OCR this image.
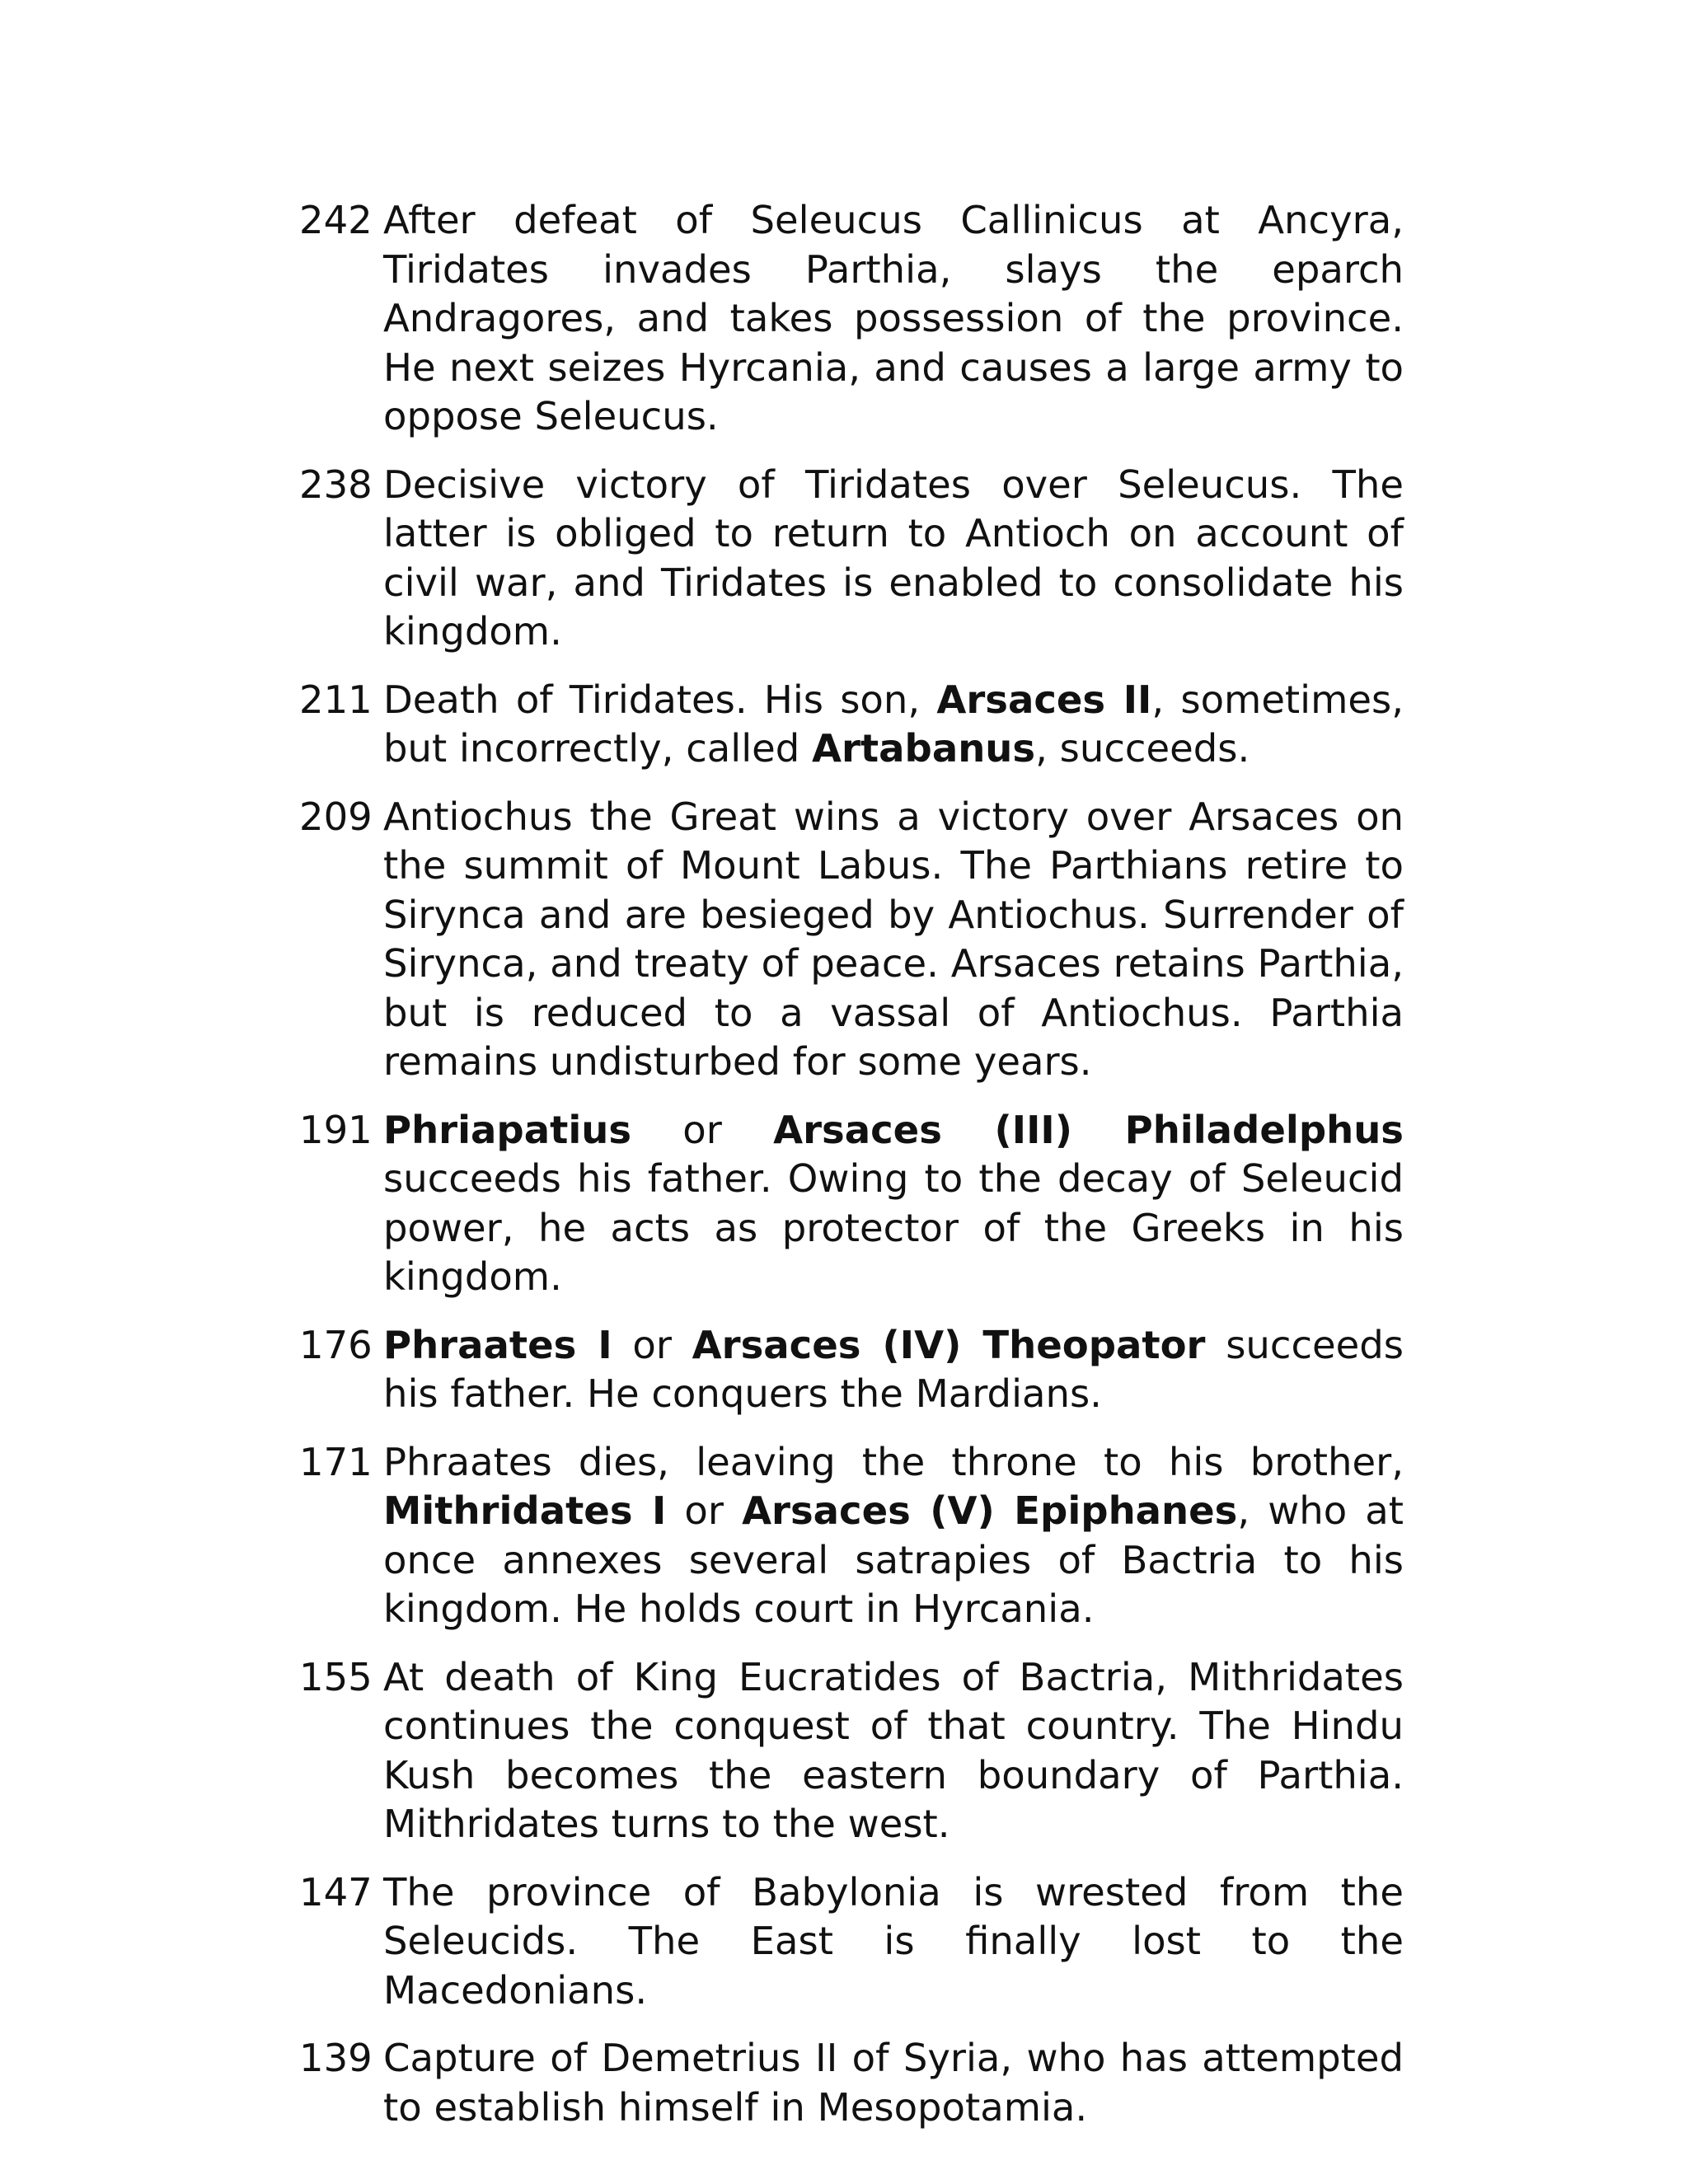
242 After defeat of Seleucus Callinicus at Ancyra, Tiridates invades Parthia, slays the eparch Andragores, and takes possession of the province. He next seizes Hyrcania, and causes a large army to oppose Seleucus.

238 Decisive victory of Tiridates over Seleucus. The latter is obliged to return to Antioch on account of civil war, and Tiridates is enabled to consolidate his kingdom.

211 Death of Tiridates. His son, Arsaces II, sometimes, but incorrectly, called Artabanus, succeeds.

209 Antiochus the Great wins a victory over Arsaces on the summit of Mount Labus. The Parthians retire to Sirynca and are besieged by Antiochus. Surrender of Sirynca, and treaty of peace. Arsaces retains Parthia, but is reduced to a vassal of Antiochus. Parthia remains undisturbed for some years.

191 Phriapatius or Arsaces (III) Philadelphus succeeds his father. Owing to the decay of Seleucid power, he acts as protector of the Greeks in his kingdom.

176 Phraates I or Arsaces (IV) Theopator succeeds his father. He conquers the Mardians.

171 Phraates dies, leaving the throne to his brother, Mithridates I or Arsaces (V) Epiphanes, who at once annexes several satrapies of Bactria to his kingdom. He holds court in Hyrcania.

155 At death of King Eucratides of Bactria, Mithridates continues the conquest of that country. The Hindu Kush becomes the eastern boundary of Parthia. Mithridates turns to the west.

147 The province of Babylonia is wrested from the Seleucids. The East is finally lost to the Macedonians.

139 Capture of Demetrius II of Syria, who has attempted to establish himself in Mesopotamia.
